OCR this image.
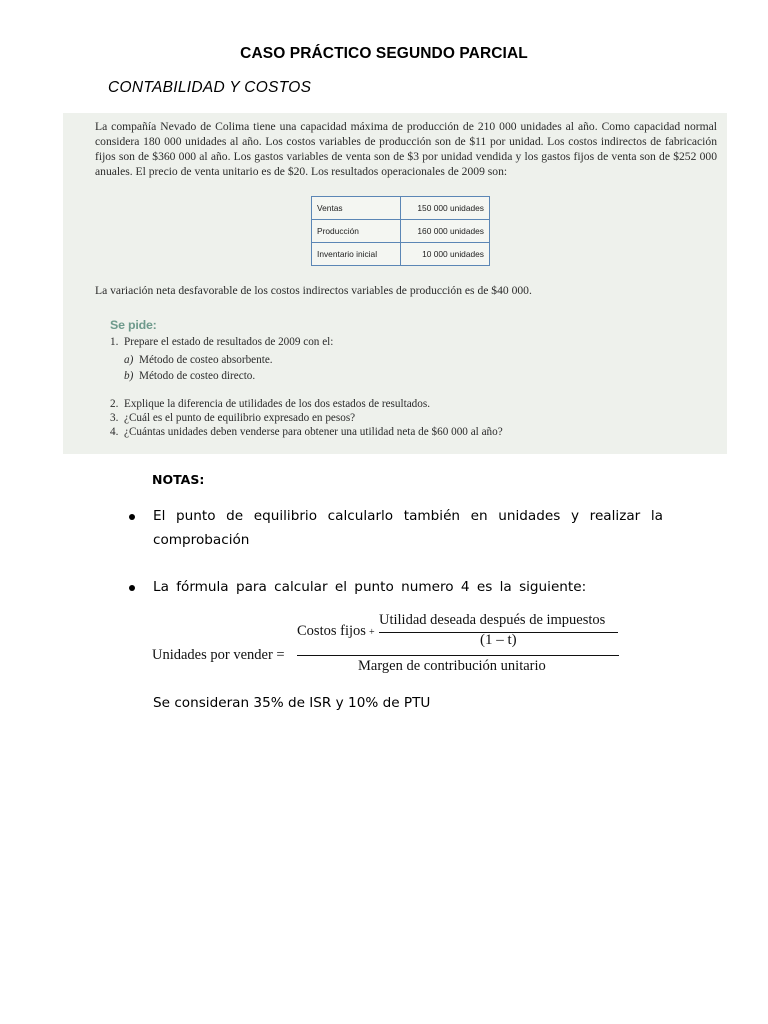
CASO PRÁCTICO SEGUNDO PARCIAL
CONTABILIDAD Y COSTOS

La compañía Nevado de Colima tiene una capacidad máxima de producción de 210 000 unidades al año. Como capacidad normal considera 180 000 unidades al año. Los costos variables de producción son de $11 por unidad. Los costos indirectos de fabricación fijos son de $360 000 al año. Los gastos variables de venta son de $3 por unidad vendida y los gastos fijos de venta son de $252 000 anuales. El precio de venta unitario es de $20. Los resultados operacionales de 2009 son:

Ventas	150 000 unidades
Producción	160 000 unidades
Inventario inicial	10 000 unidades

La variación neta desfavorable de los costos indirectos variables de producción es de $40 000.

Se pide:
1. Prepare el estado de resultados de 2009 con el:
a) Método de costeo absorbente.
b) Método de costeo directo.
2. Explique la diferencia de utilidades de los dos estados de resultados.
3. ¿Cuál es el punto de equilibrio expresado en pesos?
4. ¿Cuántas unidades deben venderse para obtener una utilidad neta de $60 000 al año?
NOTAS:
El punto de equilibrio calcularlo también en unidades y realizar la comprobación
La fórmula para calcular el punto numero 4 es la siguiente:
Unidades por vender =
Costos fijos +
Utilidad deseada después de impuestos
(1 – t)
Margen de contribución unitario
Se consideran 35% de ISR y 10% de PTU
